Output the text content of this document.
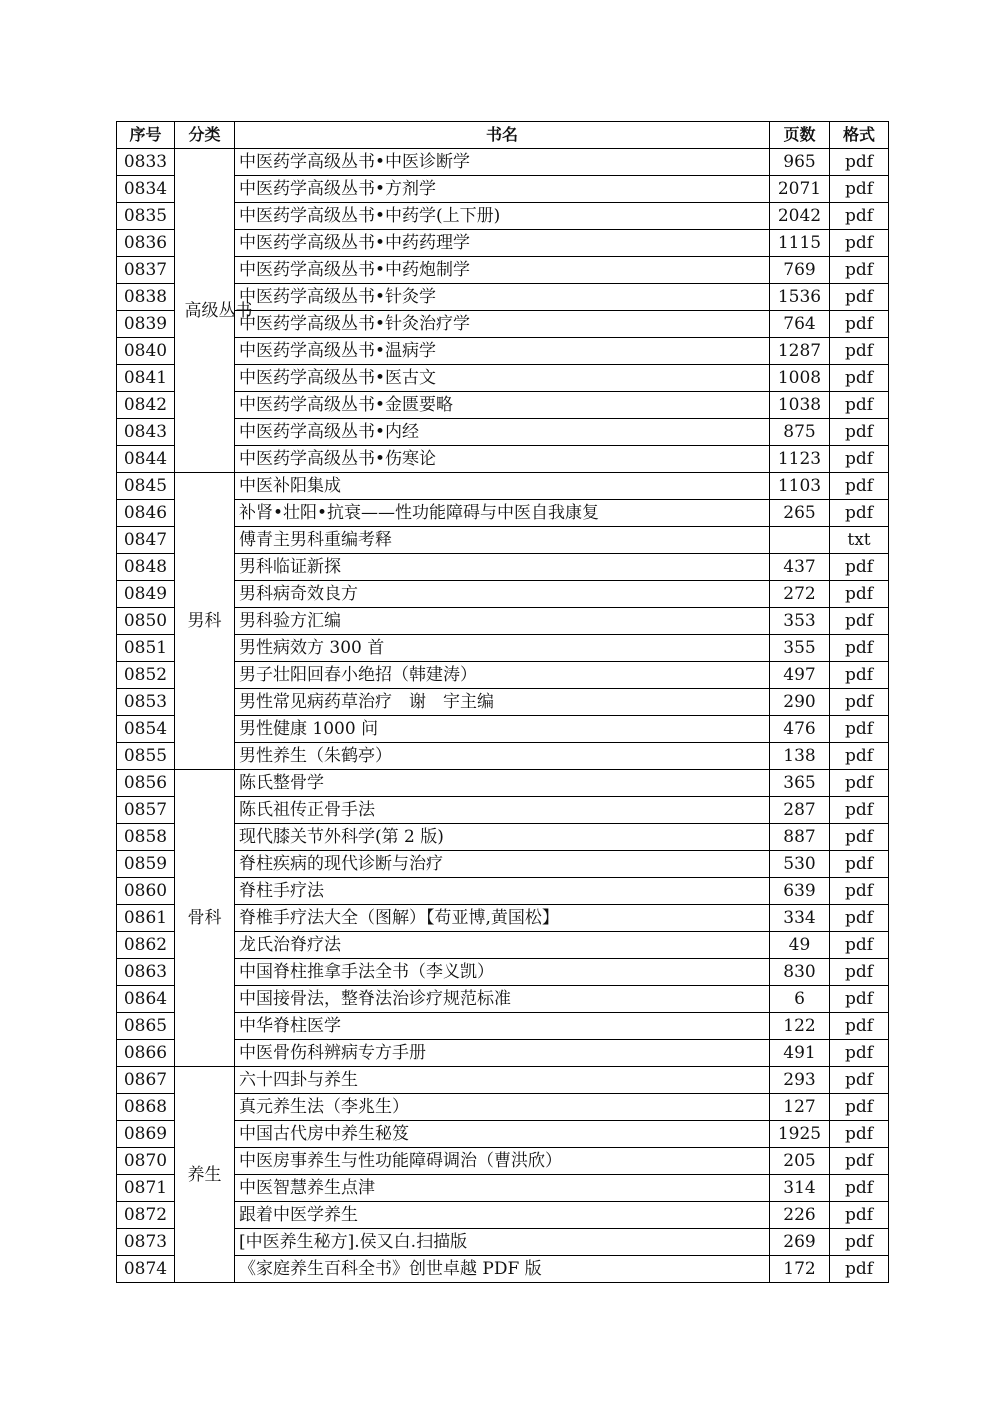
序号	分类	书名	页数	格式
0833	高级丛书	中医药学高级丛书•中医诊断学	965	pdf
0834		中医药学高级丛书•方剂学	2071	pdf
0835		中医药学高级丛书•中药学(上下册)	2042	pdf
0836		中医药学高级丛书•中药药理学	1115	pdf
0837		中医药学高级丛书•中药炮制学	769	pdf
0838		中医药学高级丛书•针灸学	1536	pdf
0839		中医药学高级丛书•针灸治疗学	764	pdf
0840		中医药学高级丛书•温病学	1287	pdf
0841		中医药学高级丛书•医古文	1008	pdf
0842		中医药学高级丛书•金匮要略	1038	pdf
0843		中医药学高级丛书•内经	875	pdf
0844		中医药学高级丛书•伤寒论	1123	pdf
0845	男科	中医补阳集成	1103	pdf
0846		补肾•壮阳•抗衰——性功能障碍与中医自我康复	265	pdf
0847		傅青主男科重编考释		txt
0848		男科临证新探	437	pdf
0849		男科病奇效良方	272	pdf
0850		男科验方汇编	353	pdf
0851		男性病效方 300 首	355	pdf
0852		男子壮阳回春小绝招（韩建涛）	497	pdf
0853		男性常见病药草治疗　谢　宇主编	290	pdf
0854		男性健康 1000 问	476	pdf
0855		男性养生（朱鹤亭）	138	pdf
0856	骨科	陈氏整骨学	365	pdf
0857		陈氏祖传正骨手法	287	pdf
0858		现代膝关节外科学(第 2 版)	887	pdf
0859		脊柱疾病的现代诊断与治疗	530	pdf
0860		脊柱手疗法	639	pdf
0861		脊椎手疗法大全（图解）【苟亚博,黄国松】	334	pdf
0862		龙氏治脊疗法	49	pdf
0863		中国脊柱推拿手法全书（李义凯）	830	pdf
0864		中国接骨法，整脊法治诊疗规范标准	6	pdf
0865		中华脊柱医学	122	pdf
0866		中医骨伤科辨病专方手册	491	pdf
0867	养生	六十四卦与养生	293	pdf
0868		真元养生法（李兆生）	127	pdf
0869		中国古代房中养生秘笈	1925	pdf
0870		中医房事养生与性功能障碍调治（曹洪欣）	205	pdf
0871		中医智慧养生点津	314	pdf
0872		跟着中医学养生	226	pdf
0873		[中医养生秘方].侯又白.扫描版	269	pdf
0874		《家庭养生百科全书》创世卓越 PDF 版	172	pdf
